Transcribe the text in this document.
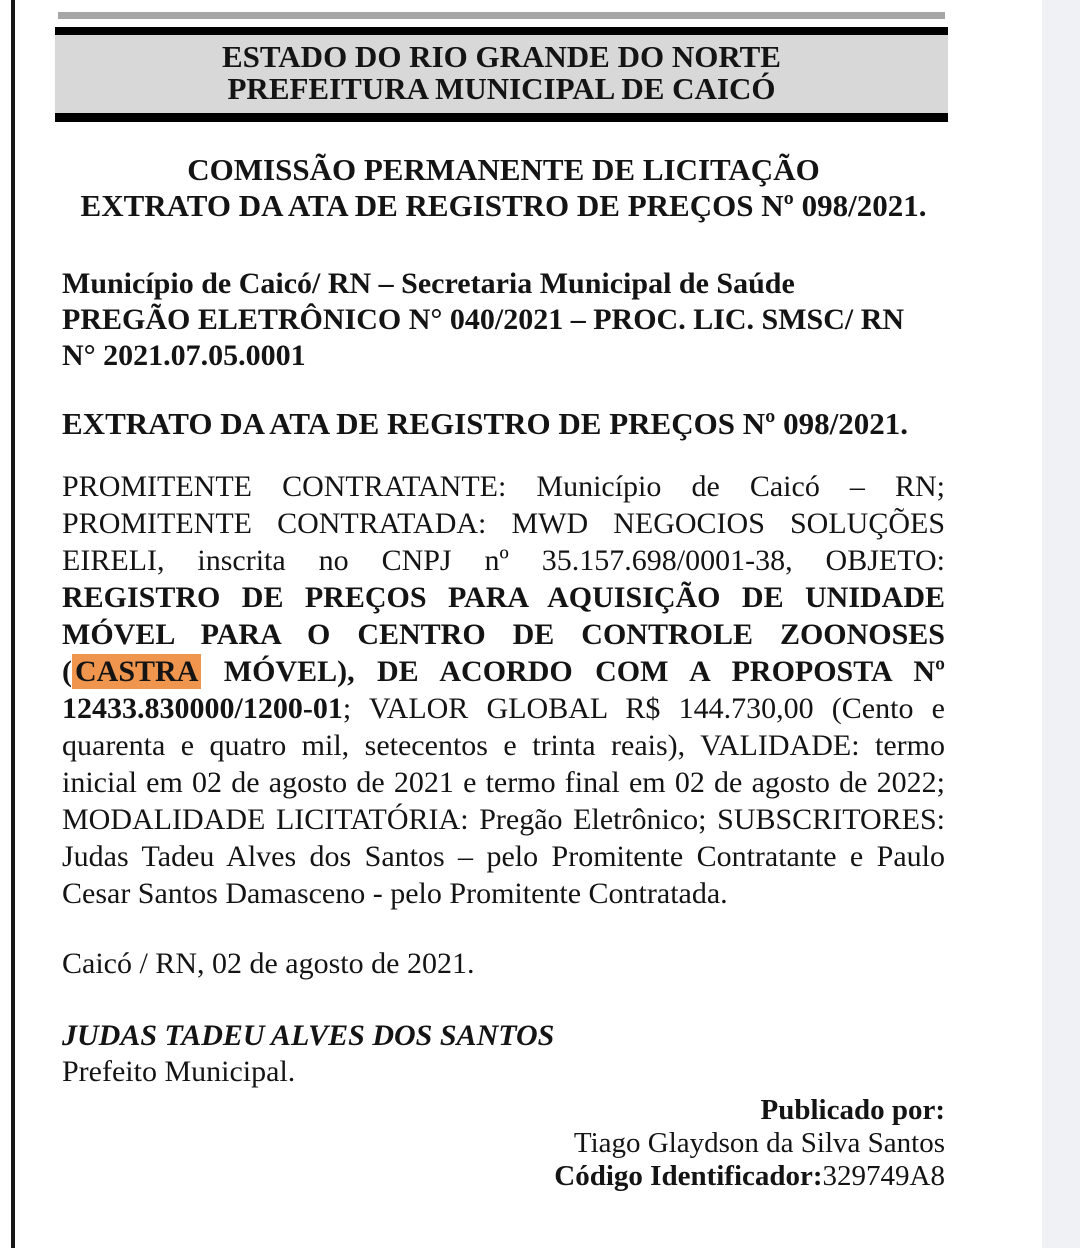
ESTADO DO RIO GRANDE DO NORTE
PREFEITURA MUNICIPAL DE CAICÓ
COMISSÃO PERMANENTE DE LICITAÇÃO
EXTRATO DA ATA DE REGISTRO DE PREÇOS Nº 098/2021.
Município de Caicó/ RN – Secretaria Municipal de Saúde
PREGÃO ELETRÔNICO N° 040/2021 – PROC. LIC. SMSC/ RN
N° 2021.07.05.0001
EXTRATO DA ATA DE REGISTRO DE PREÇOS Nº 098/2021.

PROMITENTE CONTRATANTE: Município de Caicó – RN; PROMITENTE CONTRATADA: MWD NEGOCIOS SOLUÇÕES EIRELI, inscrita no CNPJ nº 35.157.698/0001-38, OBJETO: REGISTRO DE PREÇOS PARA AQUISIÇÃO DE UNIDADE MÓVEL PARA O CENTRO DE CONTROLE ZOONOSES ( CASTRA MÓVEL), DE ACORDO COM A PROPOSTA Nº 12433.830000/1200-01; VALOR GLOBAL R$ 144.730,00 (Cento e quarenta e quatro mil, setecentos e trinta reais), VALIDADE: termo inicial em 02 de agosto de 2021 e termo final em 02 de agosto de 2022; MODALIDADE LICITATÓRIA: Pregão Eletrônico; SUBSCRITORES: Judas Tadeu Alves dos Santos – pelo Promitente Contratante e Paulo Cesar Santos Damasceno - pelo Promitente Contratada.

Caicó / RN, 02 de agosto de 2021.
JUDAS TADEU ALVES DOS SANTOS
Prefeito Municipal.
Publicado por:
Tiago Glaydson da Silva Santos
Código Identificador:329749A8
